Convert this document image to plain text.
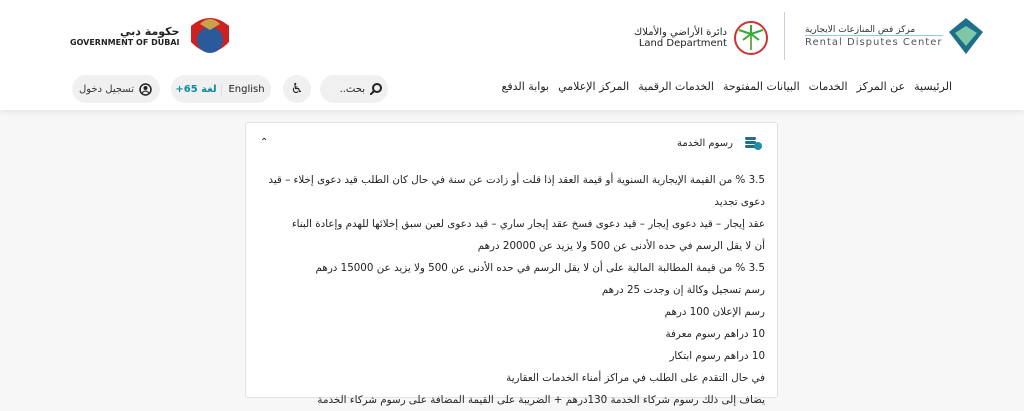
مركز فض المنازعات الايجارية
Rental Disputes Center
دائرة الأراضي والأملاك
Land Department
حكومة دبي
GOVERNMENT OF DUBAI
الرئيسية
عن المركز
الخدمات
البيانات المفتوحة
الخدمات الرقمية
المركز الإعلامي
بوابة الدفع
بحث..
♿
+65 لغة	English
تسجيل دخول
رسوم الخدمة
⌃
3.5 % من القيمة الإيجارية السنوية أو قيمة العقد إذا قلت أو زادت عن سنة في حال كان الطلب قيد دعوى إخلاء – قيد دعوى تجديد
عقد إيجار – قيد دعوى إيجار – قيد دعوى فسخ عقد إيجار ساري – قيد دعوى لعين سبق إخلائها للهدم وإعادة البناء
أن لا يقل الرسم في حده الأدنى عن 500 ولا يزيد عن 20000 درهم
3.5 % من قيمة المطالبة المالية على أن لا يقل الرسم في حده الأدنى عن 500 ولا يزيد عن 15000 درهم
رسم تسجيل وكالة إن وجدت 25 درهم
رسم الإعلان 100 درهم
10 دراهم رسوم معرفة
10 دراهم رسوم ابتكار
في حال التقدم على الطلب في مراكز أمناء الخدمات العقارية
يضاف إلى ذلك رسوم شركاء الخدمة 130درهم + الضريبة على القيمة المضافة على رسوم شركاء الخدمة
